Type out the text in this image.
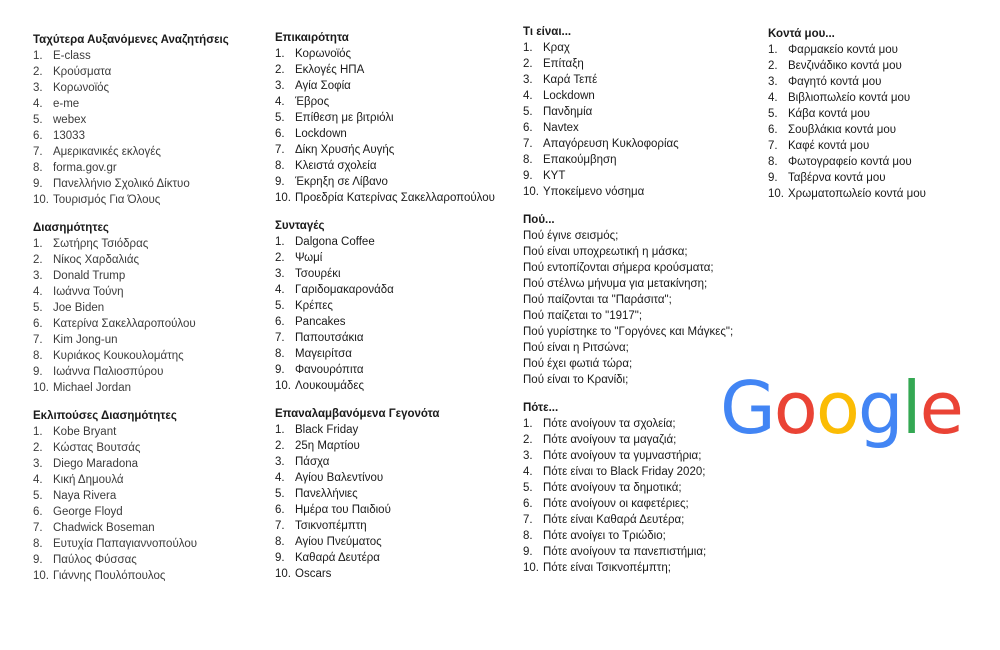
Ταχύτερα Αυξανόμενες Αναζητήσεις
1. E-class
2. Κρούσματα
3. Κορωνοϊός
4. e-me
5. webex
6. 13033
7. Αμερικανικές εκλογές
8. forma.gov.gr
9. Πανελλήνιο Σχολικό Δίκτυο
10. Τουρισμός Για Όλους
Διασημότητες
1. Σωτήρης Τσιόδρας
2. Νίκος Χαρδαλιάς
3. Donald Trump
4. Ιωάννα Τούνη
5. Joe Biden
6. Κατερίνα Σακελλαροπούλου
7. Kim Jong-un
8. Κυριάκος Κουκουλομάτης
9. Ιωάννα Παλιοσπύρου
10. Michael Jordan
Εκλιπούσες Διασημότητες
1. Kobe Bryant
2. Κώστας Βουτσάς
3. Diego Maradona
4. Κική Δημουλά
5. Naya Rivera
6. George Floyd
7. Chadwick Boseman
8. Ευτυχία Παπαγιαννοπούλου
9. Παύλος Φύσσας
10. Γιάννης Πουλόπουλος
Επικαιρότητα
1. Κορωνοϊός
2. Εκλογές ΗΠΑ
3. Αγία Σοφία
4. Έβρος
5. Επίθεση με βιτριόλι
6. Lockdown
7. Δίκη Χρυσής Αυγής
8. Κλειστά σχολεία
9. Έκρηξη σε Λίβανο
10. Προεδρία Κατερίνας Σακελλαροπούλου
Συνταγές
1. Dalgona Coffee
2. Ψωμί
3. Τσουρέκι
4. Γαριδομακαρονάδα
5. Κρέπες
6. Pancakes
7. Παπουτσάκια
8. Μαγειρίτσα
9. Φανουρόπιτα
10. Λουκουμάδες
Επαναλαμβανόμενα Γεγονότα
1. Black Friday
2. 25η Μαρτίου
3. Πάσχα
4. Αγίου Βαλεντίνου
5. Πανελλήνιες
6. Ημέρα του Παιδιού
7. Τσικνοπέμπτη
8. Αγίου Πνεύματος
9. Καθαρά Δευτέρα
10. Oscars
Τι είναι...
1. Κραχ
2. Επίταξη
3. Καρά Τεπέ
4. Lockdown
5. Πανδημία
6. Navtex
7. Απαγόρευση Κυκλοφορίας
8. Επακούμβηση
9. ΚΥΤ
10. Υποκείμενο νόσημα
Πού...
Πού έγινε σεισμός;
Πού είναι υποχρεωτική η μάσκα;
Πού εντοπίζονται σήμερα κρούσματα;
Πού στέλνω μήνυμα για μετακίνηση;
Πού παίζονται τα "Παράσιτα";
Πού παίζεται το "1917";
Πού γυρίστηκε το "Γοργόνες και Μάγκες";
Πού είναι η Ριτσώνα;
Πού έχει φωτιά τώρα;
Πού είναι το Κρανίδι;
Πότε...
1. Πότε ανοίγουν τα σχολεία;
2. Πότε ανοίγουν τα μαγαζιά;
3. Πότε ανοίγουν τα γυμναστήρια;
4. Πότε είναι το Black Friday 2020;
5. Πότε ανοίγουν τα δημοτικά;
6. Πότε ανοίγουν οι καφετέριες;
7. Πότε είναι Καθαρά Δευτέρα;
8. Πότε ανοίγει το Τριώδιο;
9. Πότε ανοίγουν τα πανεπιστήμια;
10. Πότε είναι Τσικνοπέμπτη;
Κοντά μου...
1. Φαρμακείο κοντά μου
2. Βενζινάδικο κοντά μου
3. Φαγητό κοντά μου
4. Βιβλιοπωλείο κοντά μου
5. Κάβα κοντά μου
6. Σουβλάκια κοντά μου
7. Καφέ κοντά μου
8. Φωτογραφείο κοντά μου
9. Ταβέρνα κοντά μου
10. Χρωματοπωλείο κοντά μου
Google
